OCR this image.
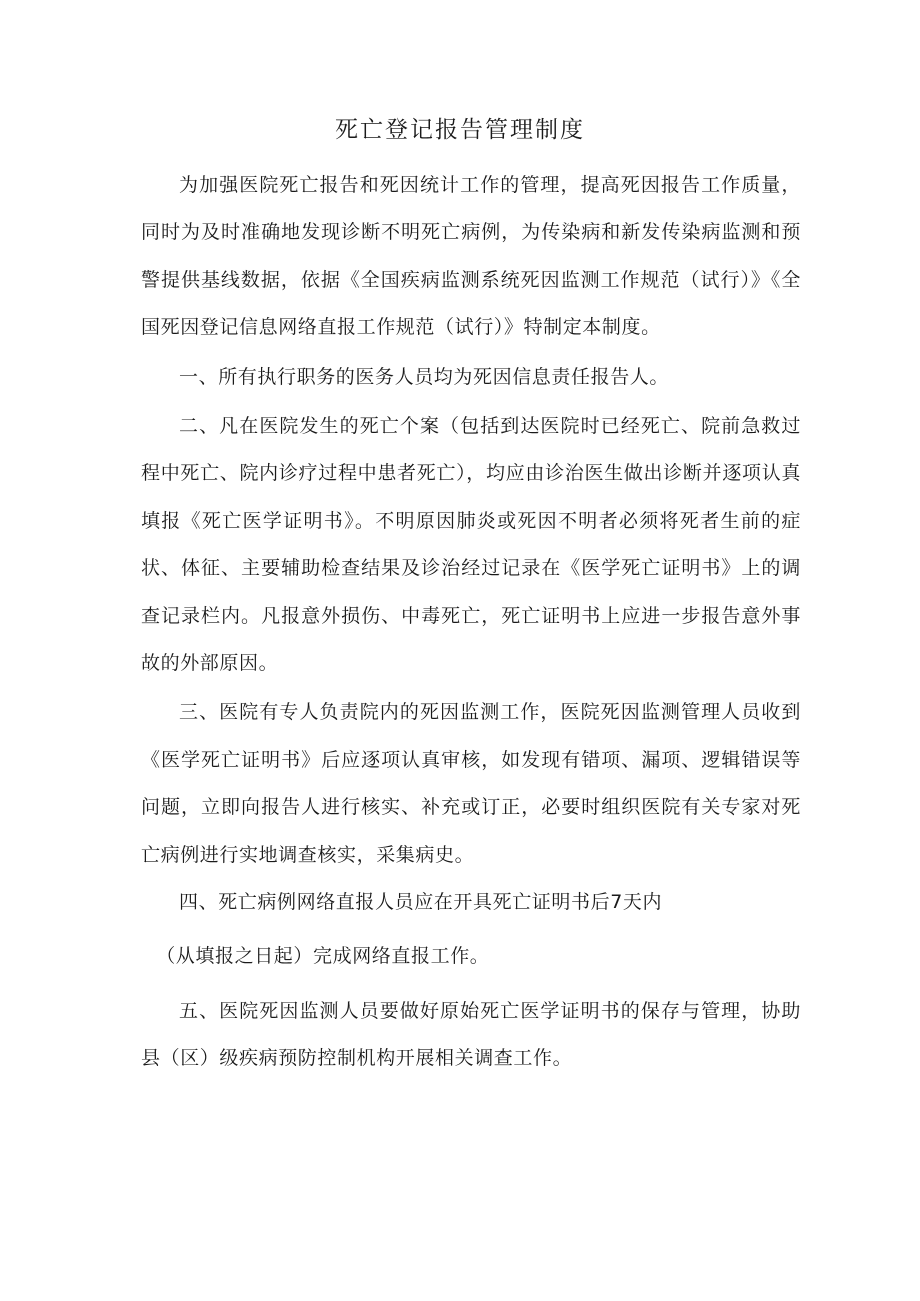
死亡登记报告管理制度

为加强医院死亡报告和死因统计工作的管理，提高死因报告工作质量，同时为及时准确地发现诊断不明死亡病例，为传染病和新发传染病监测和预警提供基线数据，依据《全国疾病监测系统死因监测工作规范（试行）》《全国死因登记信息网络直报工作规范（试行）》特制定本制度。

一、所有执行职务的医务人员均为死因信息责任报告人。

二、凡在医院发生的死亡个案（包括到达医院时已经死亡、院前急救过程中死亡、院内诊疗过程中患者死亡），均应由诊治医生做出诊断并逐项认真填报《死亡医学证明书》。不明原因肺炎或死因不明者必须将死者生前的症状、体征、主要辅助检查结果及诊治经过记录在《医学死亡证明书》上的调查记录栏内。凡报意外损伤、中毒死亡，死亡证明书上应进一步报告意外事故的外部原因。

三、医院有专人负责院内的死因监测工作，医院死因监测管理人员收到《医学死亡证明书》后应逐项认真审核，如发现有错项、漏项、逻辑错误等问题，立即向报告人进行核实、补充或订正，必要时组织医院有关专家对死亡病例进行实地调查核实，采集病史。

四、死亡病例网络直报人员应在开具死亡证明书后7天内

（从填报之日起）完成网络直报工作。

五、医院死因监测人员要做好原始死亡医学证明书的保存与管理，协助县（区）级疾病预防控制机构开展相关调查工作。
